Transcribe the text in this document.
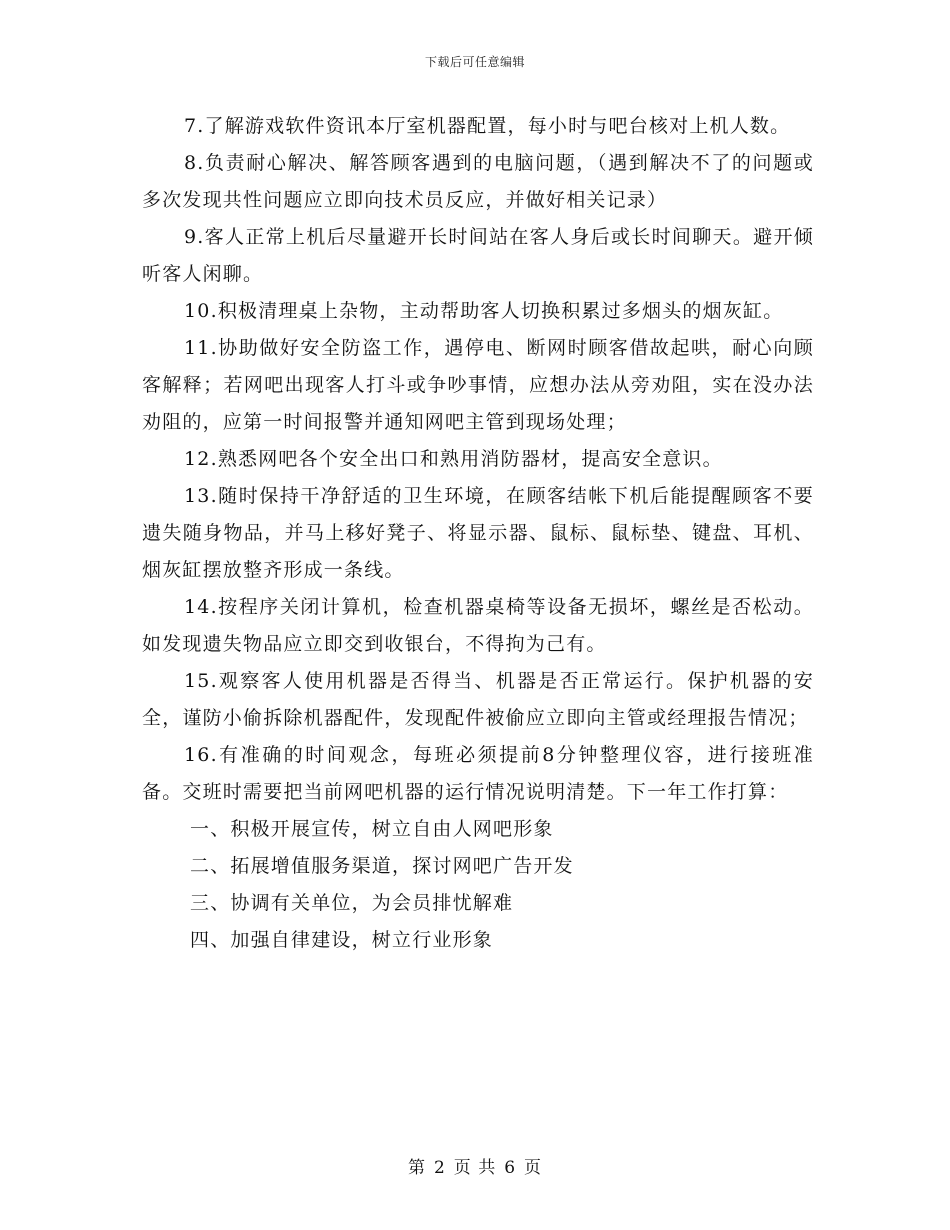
下载后可任意编辑

7.了解游戏软件资讯本厅室机器配置，每小时与吧台核对上机人数。

8.负责耐心解决、解答顾客遇到的电脑问题，（遇到解决不了的问题或多次发现共性问题应立即向技术员反应，并做好相关记录）

9.客人正常上机后尽量避开长时间站在客人身后或长时间聊天。避开倾听客人闲聊。

10.积极清理桌上杂物，主动帮助客人切换积累过多烟头的烟灰缸。

11.协助做好安全防盗工作，遇停电、断网时顾客借故起哄，耐心向顾客解释；若网吧出现客人打斗或争吵事情，应想办法从旁劝阻，实在没办法劝阻的，应第一时间报警并通知网吧主管到现场处理；

12.熟悉网吧各个安全出口和熟用消防器材，提高安全意识。

13.随时保持干净舒适的卫生环境，在顾客结帐下机后能提醒顾客不要遗失随身物品，并马上移好凳子、将显示器、鼠标、鼠标垫、键盘、耳机、烟灰缸摆放整齐形成一条线。

14.按程序关闭计算机，检查机器桌椅等设备无损坏，螺丝是否松动。如发现遗失物品应立即交到收银台，不得拘为己有。

15.观察客人使用机器是否得当、机器是否正常运行。保护机器的安全，谨防小偷拆除机器配件，发现配件被偷应立即向主管或经理报告情况；

16.有准确的时间观念，每班必须提前8分钟整理仪容，进行接班准备。交班时需要把当前网吧机器的运行情况说明清楚。下一年工作打算：

一、积极开展宣传，树立自由人网吧形象

二、拓展增值服务渠道，探讨网吧广告开发

三、协调有关单位，为会员排忧解难

四、加强自律建设，树立行业形象

第 2 页 共 6 页
